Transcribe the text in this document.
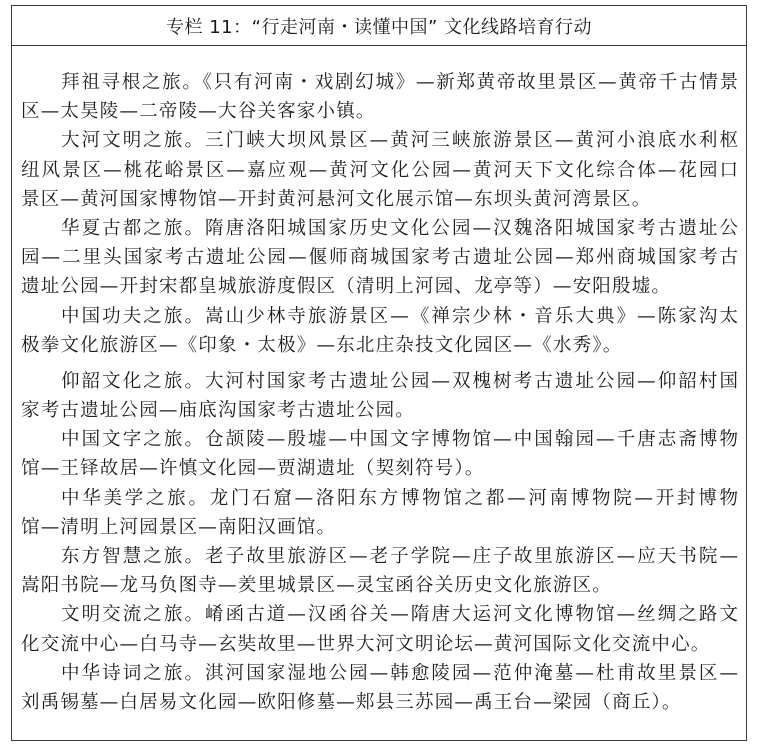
专栏 11：“行走河南・读懂中国” 文化线路培育行动
拜祖寻根之旅。《只有河南・戏剧幻城》—新郑黄帝故里景区—黄帝千古情景
区—太昊陵—二帝陵—大谷关客家小镇。
大河文明之旅。三门峡大坝风景区—黄河三峡旅游景区—黄河小浪底水利枢
纽风景区—桃花峪景区—嘉应观—黄河文化公园—黄河天下文化综合体—花园口
景区—黄河国家博物馆—开封黄河悬河文化展示馆—东坝头黄河湾景区。
华夏古都之旅。隋唐洛阳城国家历史文化公园—汉魏洛阳城国家考古遗址公
园—二里头国家考古遗址公园—偃师商城国家考古遗址公园—郑州商城国家考古
遗址公园—开封宋都皇城旅游度假区（清明上河园、龙亭等）—安阳殷墟。
中国功夫之旅。嵩山少林寺旅游景区—《禅宗少林・音乐大典》—陈家沟太
极拳文化旅游区—《印象・太极》—东北庄杂技文化园区—《水秀》。
仰韶文化之旅。大河村国家考古遗址公园—双槐树考古遗址公园—仰韶村国
家考古遗址公园—庙底沟国家考古遗址公园。
中国文字之旅。仓颉陵—殷墟—中国文字博物馆—中国翰园—千唐志斋博物
馆—王铎故居—许慎文化园—贾湖遗址（契刻符号）。
中华美学之旅。龙门石窟—洛阳东方博物馆之都—河南博物院—开封博物
馆—清明上河园景区—南阳汉画馆。
东方智慧之旅。老子故里旅游区—老子学院—庄子故里旅游区—应天书院—
嵩阳书院—龙马负图寺—羑里城景区—灵宝函谷关历史文化旅游区。
文明交流之旅。崤函古道—汉函谷关—隋唐大运河文化博物馆—丝绸之路文
化交流中心—白马寺—玄奘故里—世界大河文明论坛—黄河国际文化交流中心。
中华诗词之旅。淇河国家湿地公园—韩愈陵园—范仲淹墓—杜甫故里景区—
刘禹锡墓—白居易文化园—欧阳修墓—郏县三苏园—禹王台—梁园（商丘）。
